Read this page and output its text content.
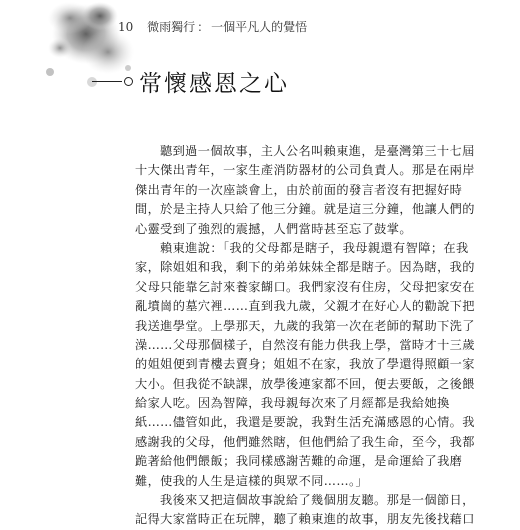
10 微雨獨行 ： 一個平凡人的覺悟
常懷感恩之心
聽到過一個故事，主人公名叫賴東進，是臺灣第三十七屆
十大傑出青年，一家生產消防器材的公司負責人。那是在兩岸
傑出青年的一次座談會上，由於前面的發言者沒有把握好時
間，於是主持人只給了他三分鐘。就是這三分鐘，他讓人們的
心靈受到了強烈的震撼，人們當時甚至忘了鼓掌。
賴東進說：「我的父母都是瞎子，我母親還有智障；在我
家，除姐姐和我，剩下的弟弟妹妹全都是瞎子。因為瞎，我的
父母只能靠乞討來養家餬口。我們家沒有住房，父母把家安在
亂墳崗的墓穴裡……直到我九歲，父親才在好心人的勸說下把
我送進學堂。上學那天，九歲的我第一次在老師的幫助下洗了
澡……父母那個樣子，自然沒有能力供我上學，當時才十三歲
的姐姐便到青樓去賣身；姐姐不在家，我放了學還得照顧一家
大小。但我從不缺課，放學後連家都不回，便去要飯，之後餵
給家人吃。因為智障，我母親每次來了月經都是我給她換
紙……儘管如此，我還是要說，我對生活充滿感恩的心情。我
感謝我的父母，他們雖然瞎，但他們給了我生命，至今，我都
跪著給他們餵飯；我同樣感謝苦難的命運，是命運給了我磨
難，使我的人生是這樣的與眾不同……。」
我後來又把這個故事說給了幾個朋友聽。那是一個節日，
記得大家當時正在玩牌，聽了賴東進的故事，朋友先後找藉口
